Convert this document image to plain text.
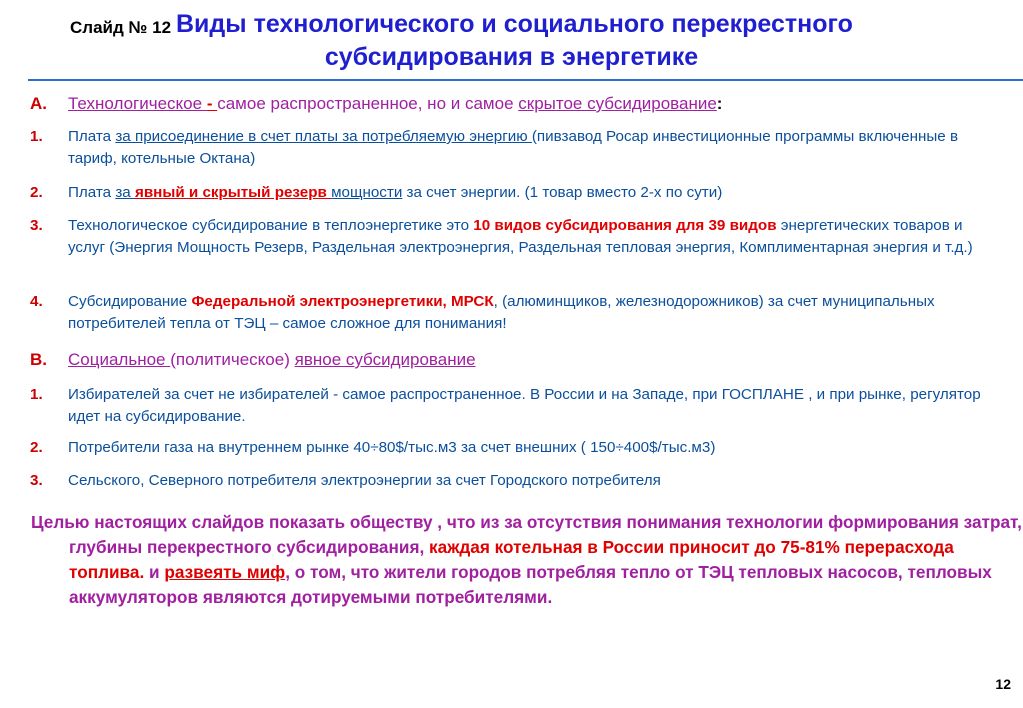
Слайд № 12 Виды технологического и социального перекрестного
субсидирования в энергетике
А. Технологическое - самое распространенное, но и самое скрытое субсидирование:
1. Плата за присоединение в счет платы за потребляемую энергию (пивзавод Росар инвестиционные программы включенные в тариф, котельные Октана)
2. Плата за явный и скрытый резерв мощности за счет энергии. (1 товар вместо 2-х по сути)
3. Технологическое субсидирование в теплоэнергетике это 10 видов субсидирования для 39 видов энергетических товаров и услуг (Энергия Мощность Резерв, Раздельная электроэнергия, Раздельная тепловая энергия, Комплиментарная энергия и т.д.)
4. Субсидирование Федеральной электроэнергетики, МРСК, (алюминщиков, железнодорожников) за счет муниципальных потребителей тепла от ТЭЦ – самое сложное для понимания!
В. Социальное (политическое) явное субсидирование
1. Избирателей за счет не избирателей - самое распространенное. В России и на Западе, при ГОСПЛАНЕ , и при рынке, регулятор идет на субсидирование.
2. Потребители газа на внутреннем рынке 40÷80$/тыс.м3 за счет внешних ( 150÷400$/тыс.м3)
3. Сельского, Северного потребителя электроэнергии за счет Городского потребителя
Целью настоящих слайдов показать обществу , что из за отсутствия понимания технологии формирования затрат, глубины перекрестного субсидирования, каждая котельная в России приносит до 75-81% перерасхода топлива. и развеять миф, о том, что жители городов потребляя тепло от ТЭЦ тепловых насосов, тепловых аккумуляторов являются дотируемыми потребителями.
12
